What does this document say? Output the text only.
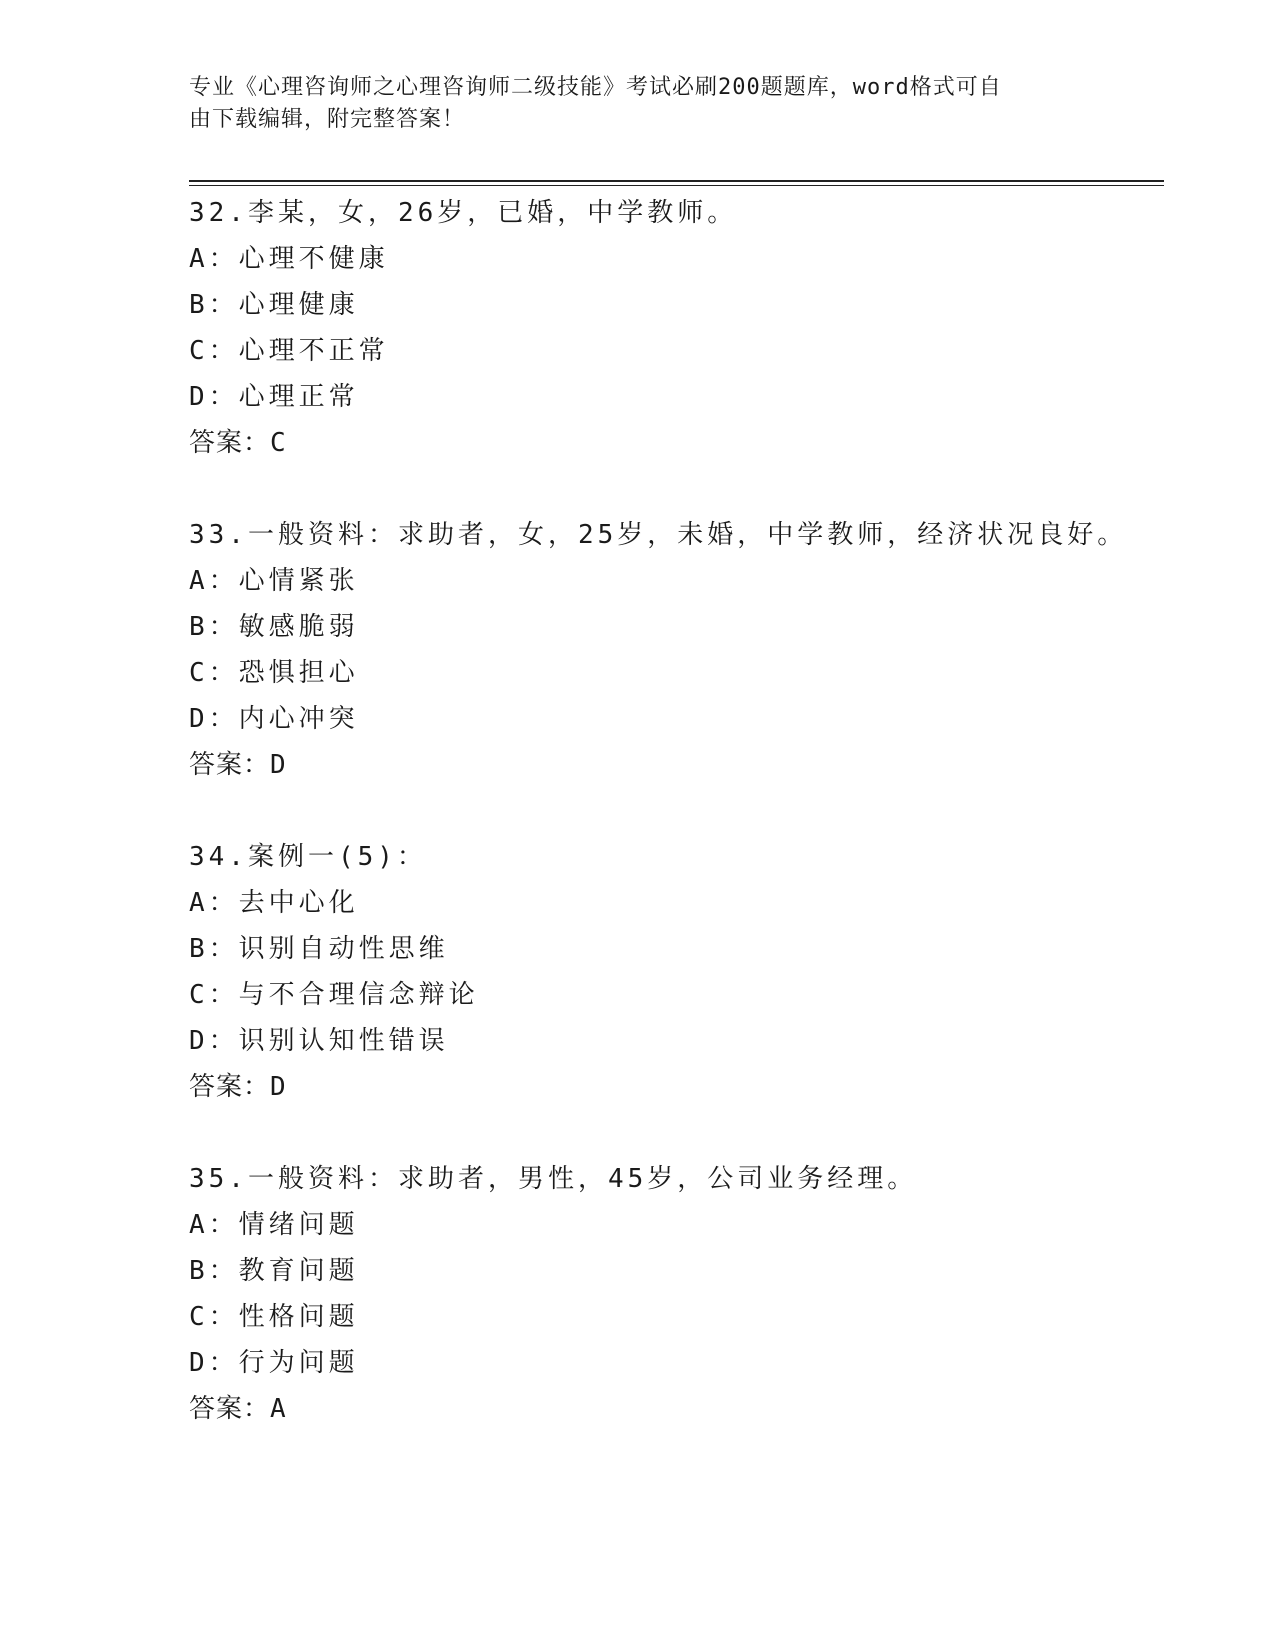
专业《心理咨询师之心理咨询师二级技能》考试必刷200题题库，word格式可自
由下载编辑，附完整答案！
32.李某，女，26岁，已婚，中学教师。
A：心理不健康
B：心理健康
C：心理不正常
D：心理正常
答案：C
33.一般资料：求助者，女，25岁，未婚，中学教师，经济状况良好。
A：心情紧张
B：敏感脆弱
C：恐惧担心
D：内心冲突
答案：D
34.案例一(5)：
A：去中心化
B：识别自动性思维
C：与不合理信念辩论
D：识别认知性错误
答案：D
35.一般资料：求助者，男性，45岁，公司业务经理。
A：情绪问题
B：教育问题
C：性格问题
D：行为问题
答案：A
